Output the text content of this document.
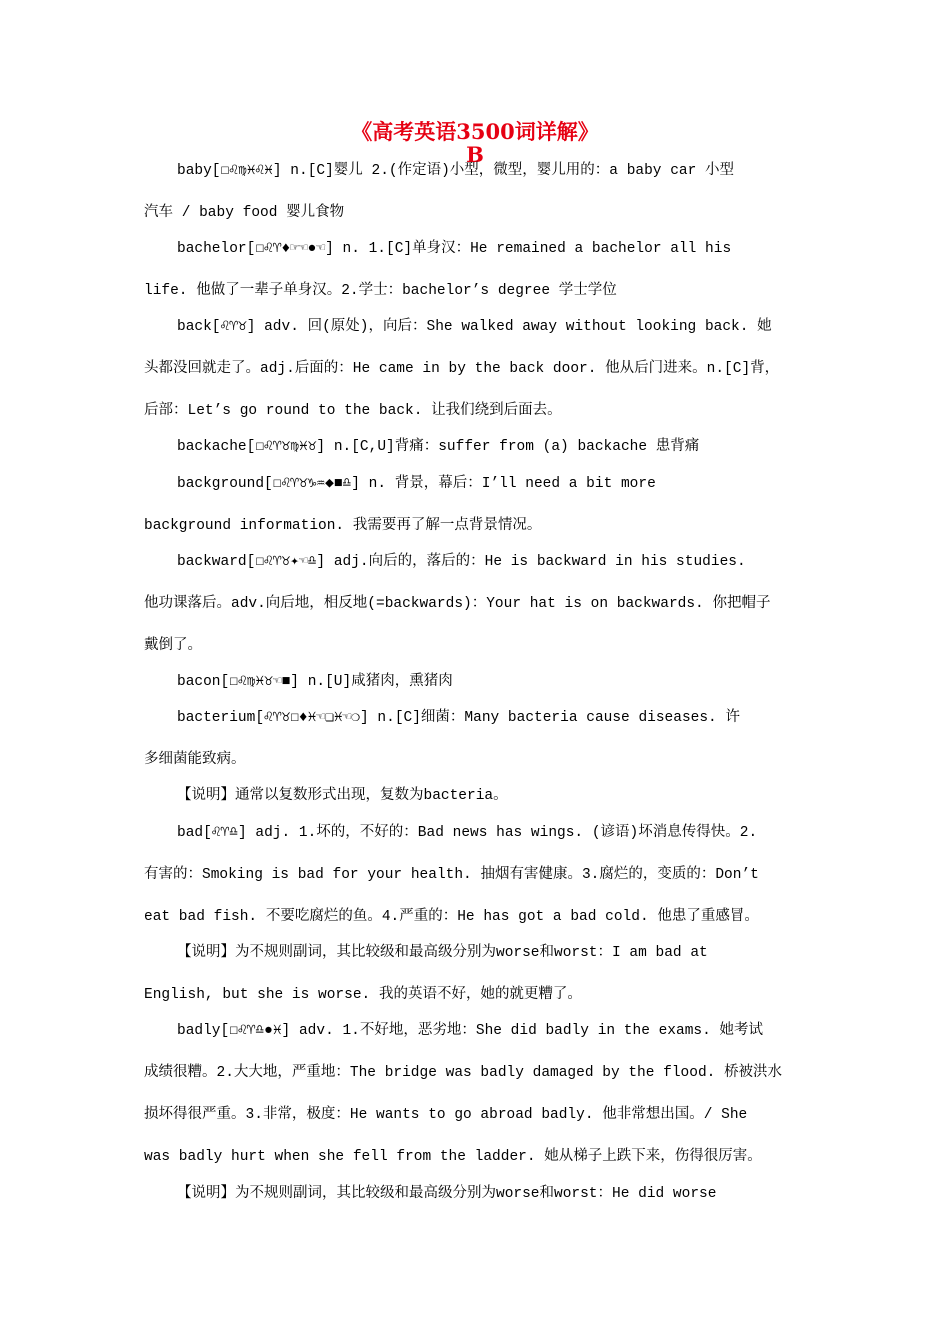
《高考英语3500词详解》
B
baby[☐♌♍♓♌♓] n.[C]婴儿 2.(作定语)小型，微型，婴儿用的：a baby car 小型
汽车 / baby food 婴儿食物
bachelor[☐♌♈♦☞☜●☜] n. 1.[C]单身汉：He remained a bachelor all his
life. 他做了一辈子单身汉。2.学士：bachelor’s degree 学士学位
back[♌♈♉] adv. 回(原处)，向后：She walked away without looking back. 她
头都没回就走了。adj.后面的：He came in by the back door. 他从后门进来。n.[C]背，
后部：Let’s go round to the back. 让我们绕到后面去。
backache[☐♌♈♉♍♓♉] n.[C,U]背痛：suffer from (a) backache 患背痛
background[☐♌♈♉♑♒◆■♎] n. 背景，幕后：I’ll need a bit more
background information. 我需要再了解一点背景情况。
backward[☐♌♈♉✦☜♎] adj.向后的，落后的：He is backward in his studies.
他功课落后。adv.向后地，相反地(=backwards)：Your hat is on backwards. 你把帽子
戴倒了。
bacon[☐♌♍♓♉☜■] n.[U]咸猪肉，熏猪肉
bacterium[♌♈♉☐♦♓☜❏♓☜❍] n.[C]细菌：Many bacteria cause diseases. 许
多细菌能致病。
【说明】通常以复数形式出现，复数为bacteria。
bad[♌♈♎] adj. 1.坏的，不好的：Bad news has wings. (谚语)坏消息传得快。2.
有害的：Smoking is bad for your health. 抽烟有害健康。3.腐烂的，变质的：Don’t
eat bad fish. 不要吃腐烂的鱼。4.严重的：He has got a bad cold. 他患了重感冒。
【说明】为不规则副词，其比较级和最高级分别为worse和worst：I am bad at
English, but she is worse. 我的英语不好，她的就更糟了。
badly[☐♌♈♎●♓] adv. 1.不好地，恶劣地：She did badly in the exams. 她考试
成绩很糟。2.大大地，严重地：The bridge was badly damaged by the flood. 桥被洪水
损坏得很严重。3.非常，极度：He wants to go abroad badly. 他非常想出国。/ She
was badly hurt when she fell from the ladder. 她从梯子上跌下来，伤得很厉害。
【说明】为不规则副词，其比较级和最高级分别为worse和worst：He did worse
